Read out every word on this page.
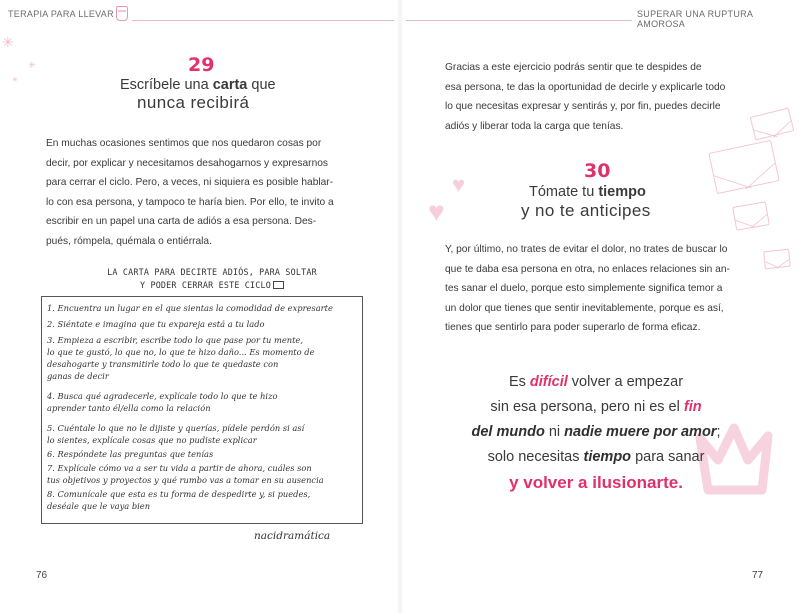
TERAPIA PARA LLEVAR	SUPERAR UNA RUPTURA AMOROSA
✳
✳
✳
29
Escríbele una carta que
nunca recibirá
En muchas ocasiones sentimos que nos quedaron cosas por
decir, por explicar y necesitamos desahogarnos y expresarnos
para cerrar el ciclo. Pero, a veces, ni siquiera es posible hablar-
lo con esa persona, y tampoco te haría bien. Por ello, te invito a
escribir en un papel una carta de adiós a esa persona. Des-
pués, rómpela, quémala o entiérrala.
LA CARTA PARA DECIRTE ADIÓS, PARA SOLTAR
Y PODER CERRAR ESTE CICLO
1. Encuentra un lugar en el que sientas la comodidad de expresarte
2. Siéntate e imagina que tu expareja está a tu lado
3. Empieza a escribir, escribe todo lo que pase por tu mente,
lo que te gustó, lo que no, lo que te hizo daño... Es momento de
desahogarte y transmitirle todo lo que te quedaste con
ganas de decir
4. Busca qué agradecerle, explícale todo lo que te hizo
aprender tanto él/ella como la relación
5. Cuéntale lo que no le dijiste y querías, pídele perdón si así
lo sientes, explícale cosas que no pudiste explicar
6. Respóndete las preguntas que tenías
7. Explícale cómo va a ser tu vida a partir de ahora, cuáles son
tus objetivos y proyectos y qué rumbo vas a tomar en su ausencia
8. Comunícale que esta es tu forma de despedirte y, si puedes,
deséale que le vaya bien
nacidramática
76
Gracias a este ejercicio podrás sentir que te despides de
esa persona, te das la oportunidad de decirle y explicarle todo
lo que necesitas expresar y sentirás y, por fin, puedes decirle
adiós y liberar toda la carga que tenías.
♥
♥
30
Tómate tu tiempo
y no te anticipes
Y, por último, no trates de evitar el dolor, no trates de buscar lo
que te daba esa persona en otra, no enlaces relaciones sin an-
tes sanar el duelo, porque esto simplemente significa temor a
un dolor que tienes que sentir inevitablemente, porque es así,
tienes que sentirlo para poder superarlo de forma eficaz.
Es difícil volver a empezar
sin esa persona, pero ni es el fin
del mundo ni nadie muere por amor;
solo necesitas tiempo para sanar
y volver a ilusionarte.
77
